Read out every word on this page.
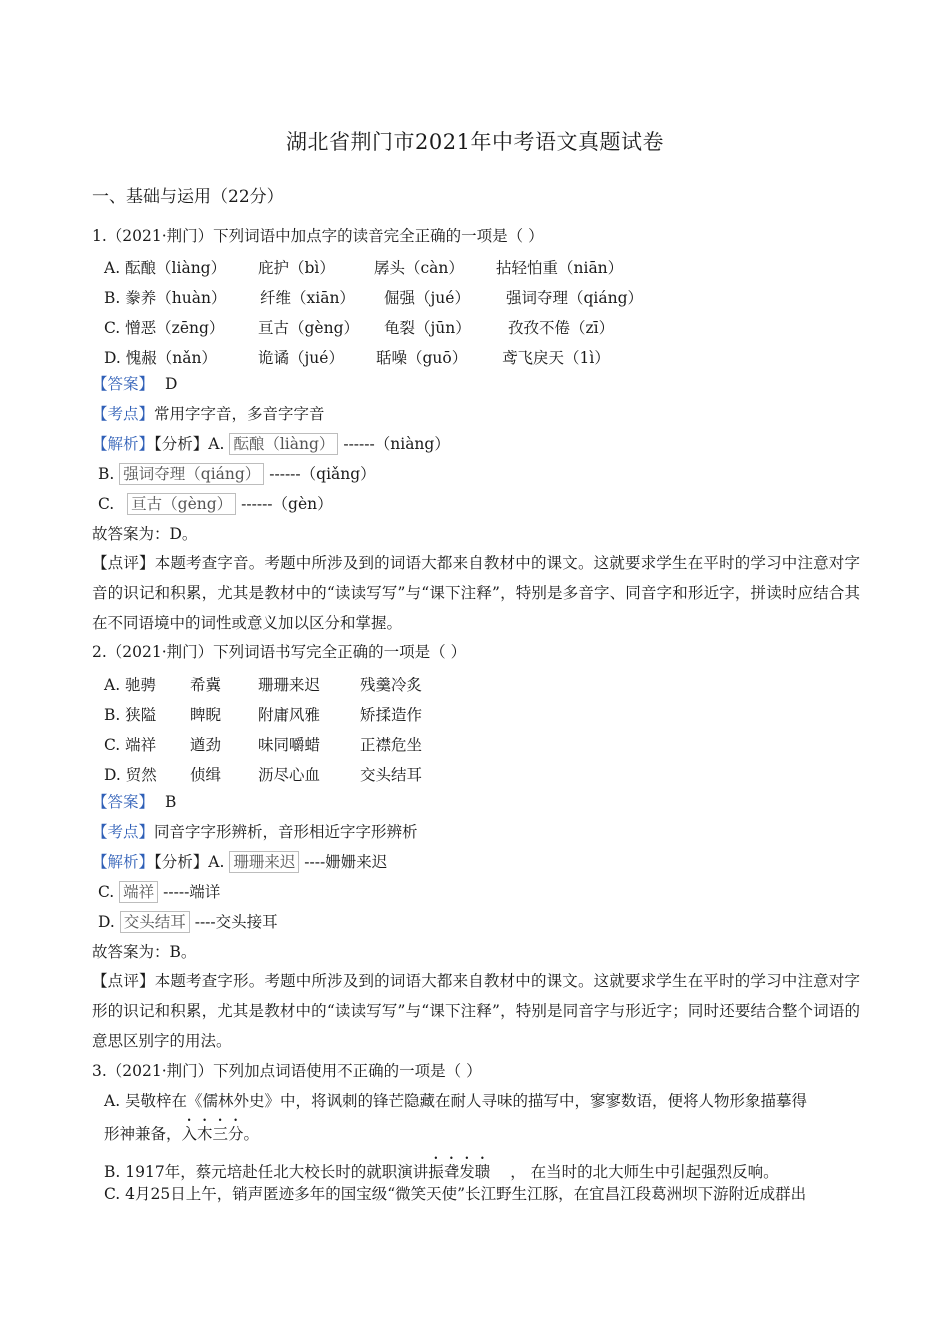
湖北省荆门市2021年中考语文真题试卷
一、基础与运用（22分）
1.（2021·荆门）下列词语中加点字的读音完全正确的一项是（ ）
A. 酝酿（liàng） 庇护（bì）	孱头（càn） 拈轻怕重（niān）
B. 豢养（huàn） 纤维（xiān） 倔强（jué） 强词夺理（qiáng）
C. 憎恶（zēng） 亘古（gèng） 龟裂（jūn） 孜孜不倦（zī）
D. 愧赧（nǎn）	诡谲（jué） 聒噪（guō） 鸢飞戾天（1ì）
【答案】 D
【考点】常用字字音，多音字字音
【解析】【分析】A. 酝酿（liàng） ------（niàng）
B. 强词夺理（qiáng） ------（qiǎng）
C. 亘古（gèng） ------（gèn）
故答案为：D。
【点评】本题考查字音。考题中所涉及到的词语大都来自教材中的课文。这就要求学生在平时的学习中注意对字音的识记和积累，尤其是教材中的“读读写写”与“课下注释”，特别是多音字、同音字和形近字，拼读时应结合其在不同语境中的词性或意义加以区分和掌握。
2.（2021·荆门）下列词语书写完全正确的一项是（ ）
A. 驰骋 希冀 珊珊来迟	残羹冷炙
B. 狭隘 睥睨 附庸风雅	矫揉造作
C. 端祥 遒劲 味同嚼蜡	正襟危坐
D. 贸然 侦缉 沥尽心血	交头结耳
【答案】 B
【考点】同音字字形辨析，音形相近字字形辨析
【解析】【分析】A. 珊珊来迟 ----姗姗来迟
C. 端祥 -----端详
D. 交头结耳 ----交头接耳
故答案为：B。
【点评】本题考查字形。考题中所涉及到的词语大都来自教材中的课文。这就要求学生在平时的学习中注意对字形的识记和积累，尤其是教材中的“读读写写”与“课下注释”，特别是同音字与形近字；同时还要结合整个词语的意思区别字的用法。
3.（2021·荆门）下列加点词语使用不正确的一项是（ ）
A. 吴敬梓在《儒林外史》中，将讽刺的锋芒隐藏在耐人寻味的描写中，寥寥数语，便将人物形象描摹得
形神兼备，入木三分。
B. 1917年，蔡元培赴任北大校长时的就职演讲振聋发聩 ， 在当时的北大师生中引起强烈反响。
C. 4月25日上午，销声匿迹多年的国宝级“微笑天使”长江野生江豚，在宜昌江段葛洲坝下游附近成群出
